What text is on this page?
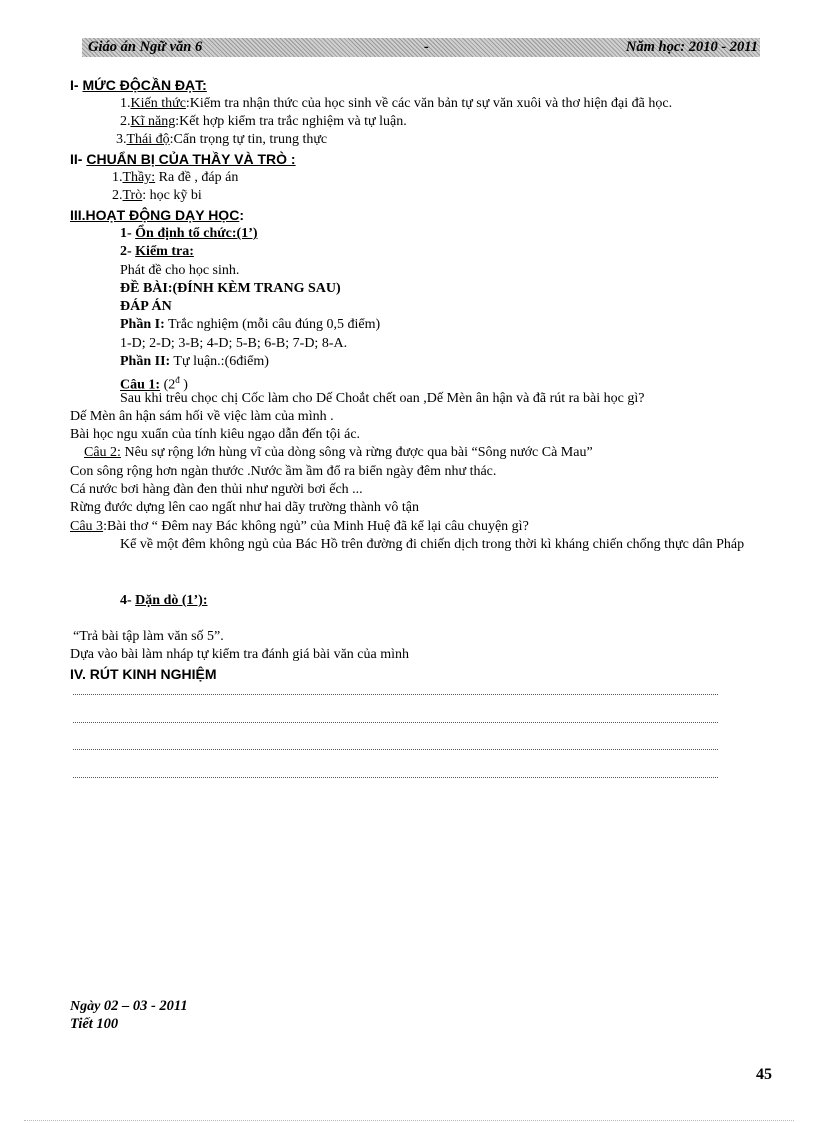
Giáo án Ngữ văn 6	-	Năm học: 2010 - 2011
I- MỨC ĐỘCẦN ĐẠT:
1.Kiến thức:Kiểm tra nhận thức của học sinh về các văn bản tự sự văn xuôi và thơ hiện đại đã học.
2.Kĩ năng:Kết hợp kiểm tra trắc nghiệm và tự luận.
3.Thái độ:Cẩn trọng tự tin, trung thực
II- CHUẨN BỊ CỦA THẦY VÀ TRÒ :
1.Thầy: Ra đề , đáp án
2.Trò: học kỹ bi
III.HOẠT ĐỘNG DẠY HỌC:
1- Ổn định tổ chức:(1’)
2- Kiểm tra:
Phát đề cho học sinh.
ĐỀ BÀI:(ĐÍNH KÈM TRANG SAU)
ĐÁP ÁN
Phần I: Trắc nghiệm (mỗi câu đúng 0,5 điểm)
1-D; 2-D; 3-B; 4-D; 5-B; 6-B; 7-D; 8-A.
Phần II: Tự luận.:(6điểm)
Câu 1: ($2^đ$ )
Sau khi trêu chọc chị Cốc làm cho Dế Choắt chết oan ,Dế Mèn ân hận và đã rút ra bài học gì?
Dế Mèn ân hận sám hối về việc làm của mình .
Bài học ngu xuẩn của tính kiêu ngạo dẫn đến tội ác.
Câu 2: Nêu sự rộng lớn hùng vĩ của dòng sông và rừng được qua bài “Sông nước Cà Mau”
Con sông rộng hơn ngàn thước .Nước ầm ầm đổ ra biển ngày đêm như thác.
Cá nước bơi hàng đàn đen thủi như người bơi ếch ...
Rừng đước dựng lên cao ngất như hai dãy trường thành vô tận
Câu 3:Bài thơ “ Đêm nay Bác không ngủ” của Minh Huệ đã kể lại câu chuyện gì?
Kể về một đêm không ngủ của Bác Hồ trên đường đi chiến dịch trong thời kì kháng chiến chống thực dân Pháp
4- Dặn dò (1’):
“Trả bài tập làm văn số 5”.
Dựa vào bài làm nháp tự kiểm tra đánh giá bài văn của mình
IV. RÚT KINH NGHIỆM
Ngày 02 – 03 - 2011
Tiết 100
45
